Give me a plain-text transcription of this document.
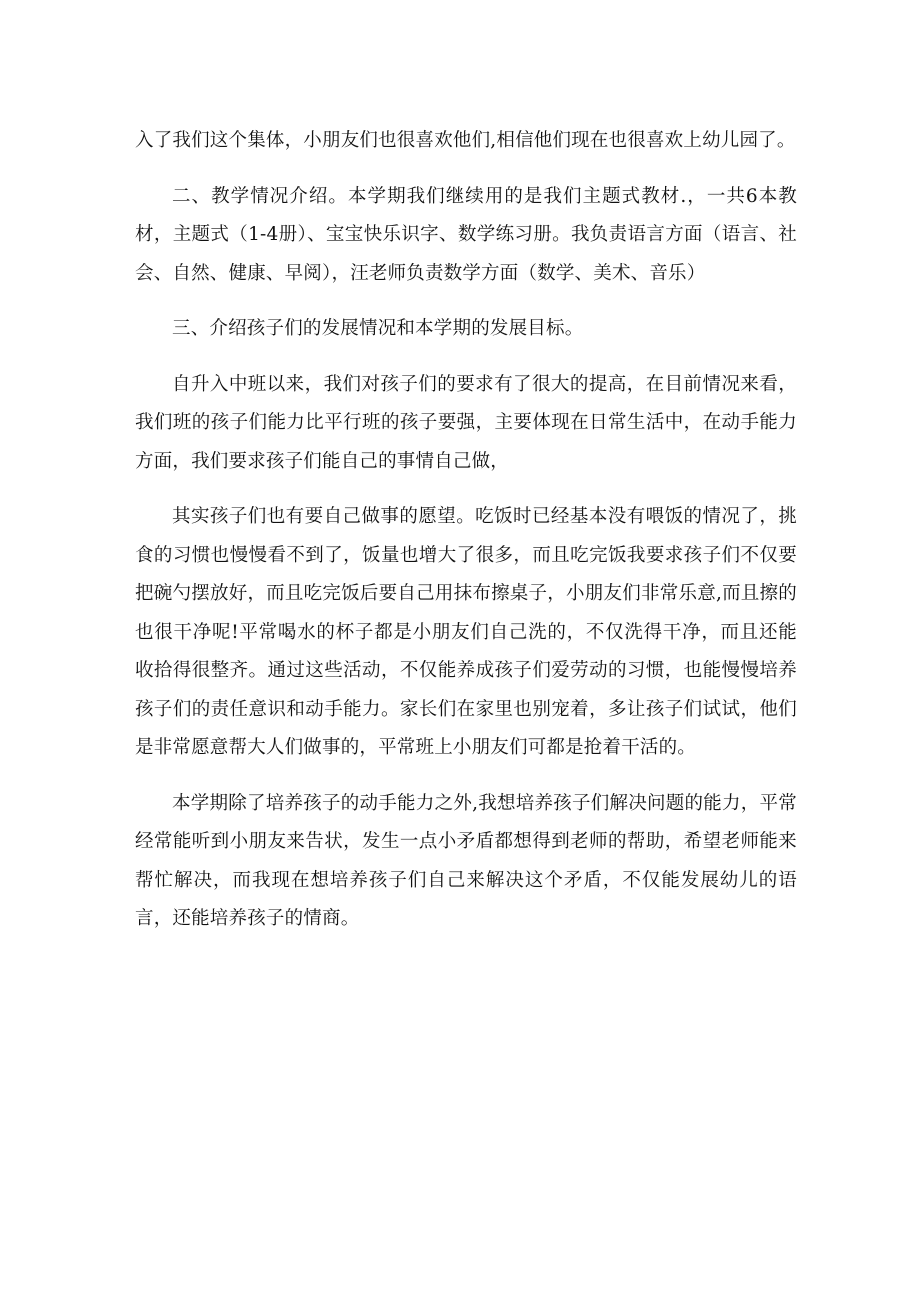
入了我们这个集体，小朋友们也很喜欢他们,相信他们现在也很喜欢上幼儿园了。

二、教学情况介绍。本学期我们继续用的是我们主题式教材.，一共6本教材，主题式（1-4册）、宝宝快乐识字、数学练习册。我负责语言方面（语言、社会、自然、健康、早阅），汪老师负责数学方面（数学、美术、音乐）

三、介绍孩子们的发展情况和本学期的发展目标。

自升入中班以来，我们对孩子们的要求有了很大的提高，在目前情况来看，我们班的孩子们能力比平行班的孩子要强，主要体现在日常生活中，在动手能力方面，我们要求孩子们能自己的事情自己做，

其实孩子们也有要自己做事的愿望。吃饭时已经基本没有喂饭的情况了，挑食的习惯也慢慢看不到了，饭量也增大了很多，而且吃完饭我要求孩子们不仅要把碗勺摆放好，而且吃完饭后要自己用抹布擦桌子，小朋友们非常乐意,而且擦的也很干净呢!平常喝水的杯子都是小朋友们自己洗的，不仅洗得干净，而且还能收拾得很整齐。通过这些活动，不仅能养成孩子们爱劳动的习惯，也能慢慢培养孩子们的责任意识和动手能力。家长们在家里也别宠着，多让孩子们试试，他们是非常愿意帮大人们做事的，平常班上小朋友们可都是抢着干活的。

本学期除了培养孩子的动手能力之外,我想培养孩子们解决问题的能力，平常经常能听到小朋友来告状，发生一点小矛盾都想得到老师的帮助，希望老师能来帮忙解决，而我现在想培养孩子们自己来解决这个矛盾，不仅能发展幼儿的语言，还能培养孩子的情商。
